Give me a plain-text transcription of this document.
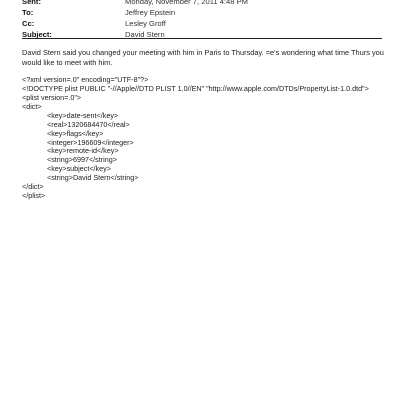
Sent:	Monday, November 7, 2011 4:48 PM
To:	Jeffrey Epstein
Cc:	Lesley Groff
Subject:	David Stern

David Stern said you changed your meeting with him in Paris to Thursday. =e's wondering what time Thurs you would like to meet with him.

<?xml version=.0" encoding="UTF-8"?>
<!DOCTYPE plist PUBLIC "-//Apple//DTD PLIST 1.0//EN" "http://www.apple.com/DTDs/PropertyList-1.0.dtd">
<plist version=.0">
<dict>
<key>date-sent</key>
<real>1320684470</real>
<key>flags</key>
<integer>196609</integer>
<key>remote-id</key>
<string>6997</string>
<key>subject</key>
<string>David Stern</string>
</dict>
</plist>
